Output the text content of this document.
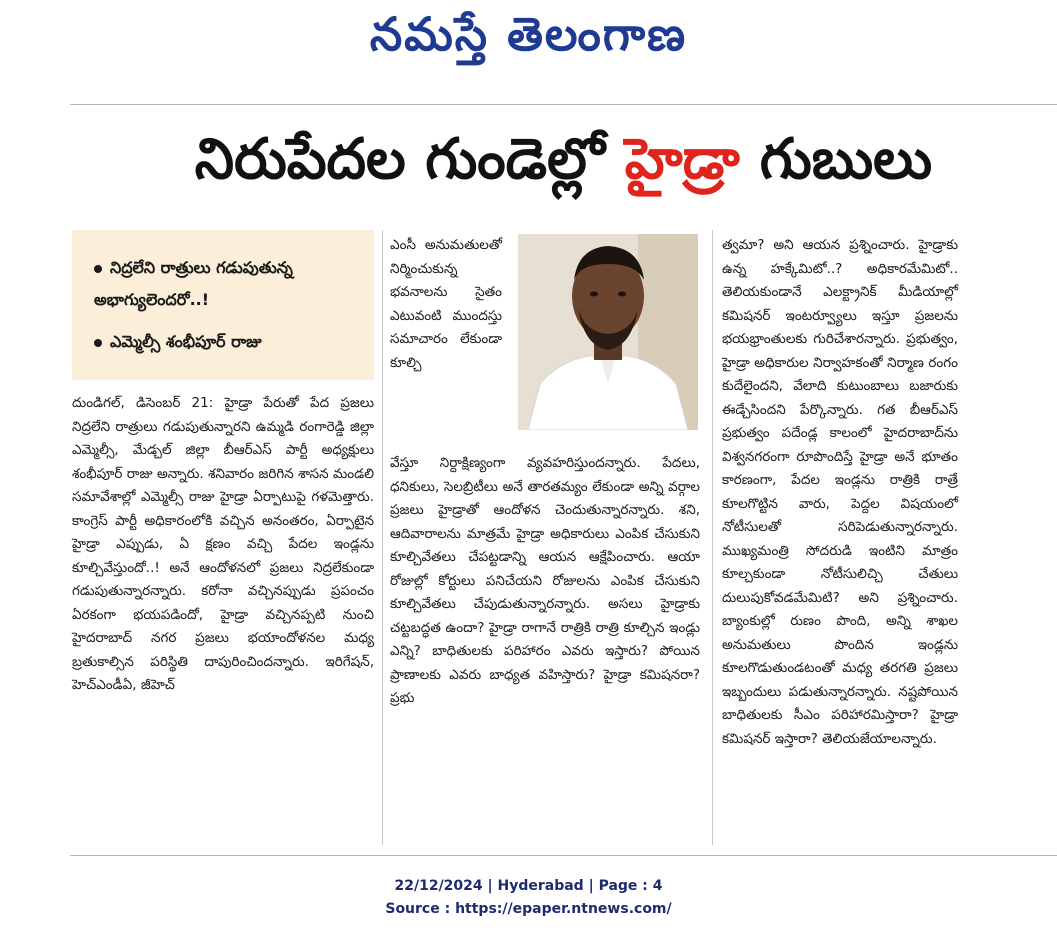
నమస్తే తెలంగాణ
నిరుపేదల గుండెల్లో హైడ్రా గుబులు
నిద్రలేని రాత్రులు గడుపుతున్న అభాగ్యులెందరో..!
ఎమ్మెల్సీ శంభీపూర్ రాజు

దుండిగల్, డిసెంబర్ 21: హైడ్రా పేరుతో పేద ప్రజలు నిద్రలేని రాత్రులు గడుపుతున్నారని ఉమ్మడి రంగారెడ్డి జిల్లా ఎమ్మెల్సీ, మేడ్చల్ జిల్లా బీఆర్ఎస్ పార్టీ అధ్యక్షులు శంభీపూర్ రాజు అన్నారు. శనివారం జరిగిన శాసన మండలి సమావేశాల్లో ఎమ్మెల్సీ రాజు హైడ్రా ఏర్పాటుపై గళమెత్తారు. కాంగ్రెస్ పార్టీ అధికారంలోకి వచ్చిన అనంతరం, ఏర్పాటైన హైడ్రా ఎప్పుడు, ఏ క్షణం వచ్చి పేదల ఇండ్లను కూల్చివేస్తుందో..! అనే ఆందోళనలో ప్రజలు నిద్రలేకుండా గడుపుతున్నారన్నారు. కరోనా వచ్చినప్పుడు ప్రపంచం ఏరకంగా భయపడిందో, హైడ్రా వచ్చినప్పటి నుంచి హైదరాబాద్ నగర ప్రజలు భయాందోళనల మధ్య బ్రతుకాల్సిన పరిస్థితి దాపురించిందన్నారు. ఇరిగేషన్, హెచ్ఎండీఏ, జీహెచ్

ఎంసీ అనుమతులతో నిర్మించుకున్న భవనాలను సైతం ఎటువంటి ముందస్తు సమాచారం లేకుండా కూల్చి

వేస్తూ నిర్దాక్షిణ్యంగా వ్యవహరిస్తుందన్నారు. పేదలు, ధనికులు, సెలబ్రిటీలు అనే తారతమ్యం లేకుండా అన్ని వర్గాల ప్రజలు హైడ్రాతో ఆందోళన చెందుతున్నారన్నారు. శని, ఆదివారాలను మాత్రమే హైడ్రా అధికారులు ఎంపిక చేసుకుని కూల్చివేతలు చేపట్టడాన్ని ఆయన ఆక్షేపించారు. ఆయా రోజుల్లో కోర్టులు పనిచేయని రోజులను ఎంపిక చేసుకుని కూల్చివేతలు చేపుడుతున్నారన్నారు. అసలు హైడ్రాకు చట్టబద్ధత ఉందా? హైడ్రా రాగానే రాత్రికి రాత్రి కూల్చిన ఇండ్లు ఎన్ని? బాధితులకు పరిహారం ఎవరు ఇస్తారు? పోయిన ప్రాణాలకు ఎవరు బాధ్యత వహిస్తారు? హైడ్రా కమిషనరా? ప్రభు

త్వమా? అని ఆయన ప్రశ్నించారు. హైడ్రాకు ఉన్న హక్కేమిటో..? అధికారమేమిటో.. తెలియకుండానే ఎలక్ట్రానిక్ మీడియాల్లో కమిషనర్ ఇంటర్వ్యూలు ఇస్తూ ప్రజలను భయభ్రాంతులకు గురిచేశారన్నారు. ప్రభుత్వం, హైడ్రా అధికారుల నిర్వాహకంతో నిర్మాణ రంగం కుదేలైందని, వేలాది కుటుంబాలు బజారుకు ఈడ్చేసిందని పేర్కొన్నారు. గత బీఆర్ఎస్ ప్రభుత్వం పదేండ్ల కాలంలో హైదరాబాద్‌ను విశ్వనగరంగా రూపొందిస్తే హైడ్రా అనే భూతం కారణంగా, పేదల ఇండ్లను రాత్రికి రాత్రే కూలగొట్టిన వారు, పెద్దల విషయంలో నోటీసులతో సరిపెడుతున్నారన్నారు. ముఖ్యమంత్రి సోదరుడి ఇంటిని మాత్రం కూల్చకుండా నోటీసులిచ్చి చేతులు దులుపుకోవడమేమిటి? అని ప్రశ్నించారు. బ్యాంకుల్లో రుణం పొంది, అన్ని శాఖల అనుమతులు పొందిన ఇండ్లను కూలగొడుతుండటంతో మధ్య తరగతి ప్రజలు ఇబ్బందులు పడుతున్నారన్నారు. నష్టపోయిన బాధితులకు సీఎం పరిహారమిస్తారా? హైడ్రా కమిషనర్ ఇస్తారా? తెలియజేయాలన్నారు.

22/12/2024 | Hyderabad | Page : 4
Source : https://epaper.ntnews.com/
